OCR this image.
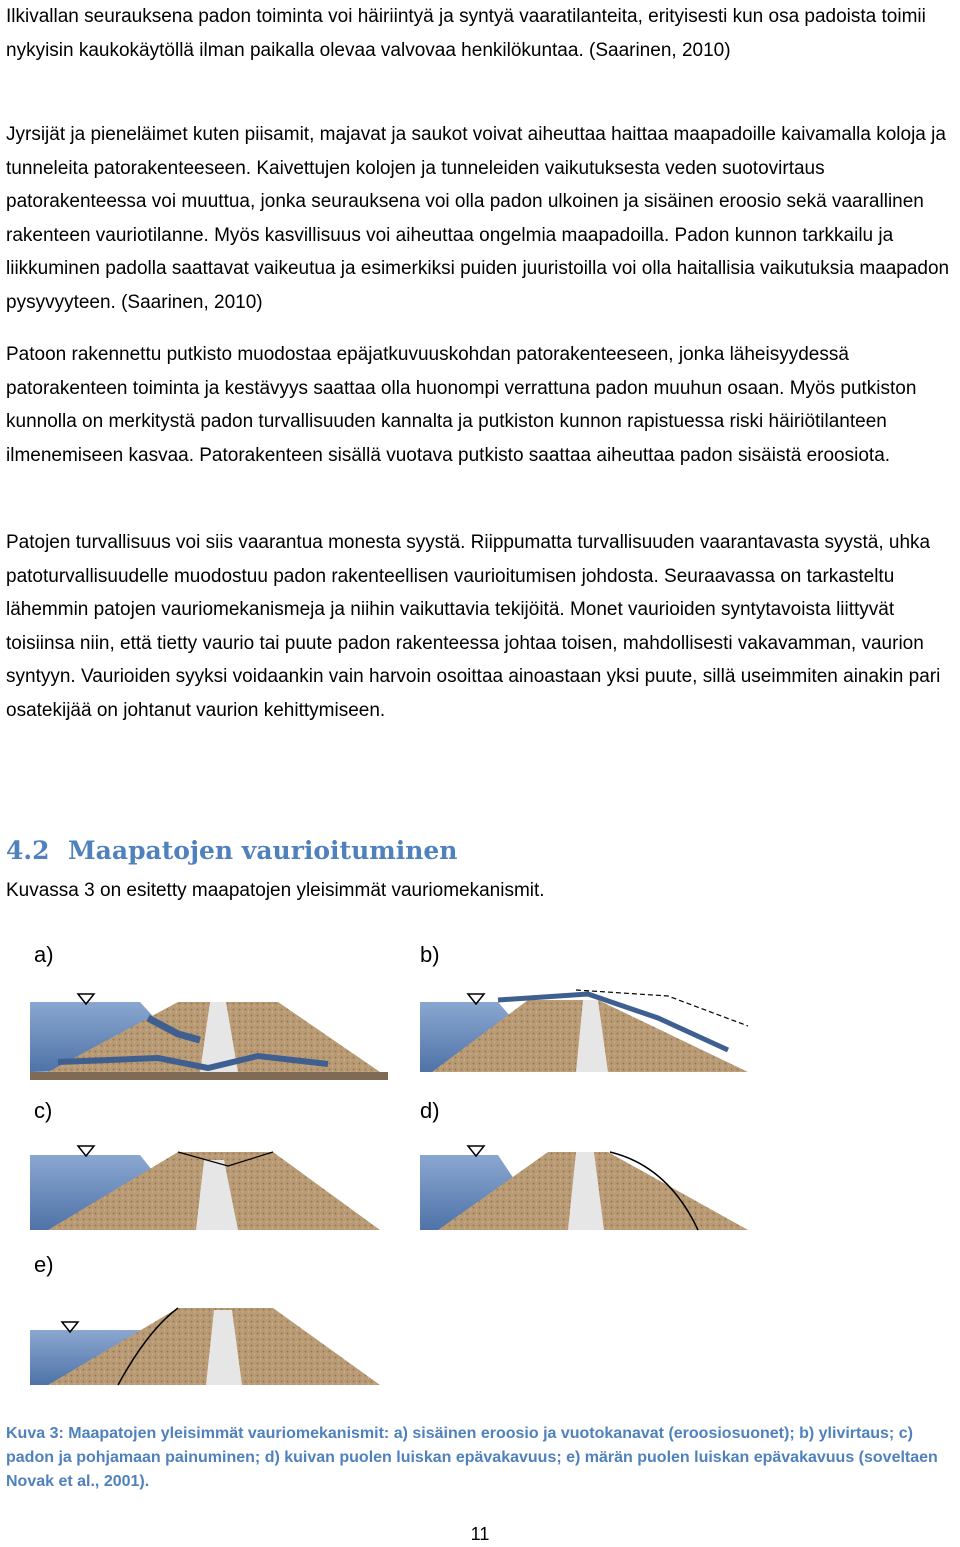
Ilkivallan seurauksena padon toiminta voi häiriintyä ja syntyä vaaratilanteita, erityisesti kun osa padoista toimii nykyisin kaukokäytöllä ilman paikalla olevaa valvovaa henkilökuntaa. (Saarinen, 2010)

Jyrsijät ja pieneläimet kuten piisamit, majavat ja saukot voivat aiheuttaa haittaa maapadoille kaivamalla koloja ja tunneleita patorakenteeseen. Kaivettujen kolojen ja tunneleiden vaikutuksesta veden suotovirtaus patorakenteessa voi muuttua, jonka seurauksena voi olla padon ulkoinen ja sisäinen eroosio sekä vaarallinen rakenteen vauriotilanne. Myös kasvillisuus voi aiheuttaa ongelmia maapadoilla. Padon kunnon tarkkailu ja liikkuminen padolla saattavat vaikeutua ja esimerkiksi puiden juuristoilla voi olla haitallisia vaikutuksia maapadon pysyvyyteen. (Saarinen, 2010)

Patoon rakennettu putkisto muodostaa epäjatkuvuuskohdan patorakenteeseen, jonka läheisyydessä patorakenteen toiminta ja kestävyys saattaa olla huonompi verrattuna padon muuhun osaan. Myös putkiston kunnolla on merkitystä padon turvallisuuden kannalta ja putkiston kunnon rapistuessa riski häiriötilanteen ilmenemiseen kasvaa. Patorakenteen sisällä vuotava putkisto saattaa aiheuttaa padon sisäistä eroosiota.

Patojen turvallisuus voi siis vaarantua monesta syystä. Riippumatta turvallisuuden vaarantavasta syystä, uhka patoturvallisuudelle muodostuu padon rakenteellisen vaurioitumisen johdosta. Seuraavassa on tarkasteltu lähemmin patojen vauriomekanismeja ja niihin vaikuttavia tekijöitä. Monet vaurioiden syntytavoista liittyvät toisiinsa niin, että tietty vaurio tai puute padon rakenteessa johtaa toisen, mahdollisesti vakavamman, vaurion syntyyn. Vaurioiden syyksi voidaankin vain harvoin osoittaa ainoastaan yksi puute, sillä useimmiten ainakin pari osatekijää on johtanut vaurion kehittymiseen.

4.2 Maapatojen vaurioituminen

Kuvassa 3 on esitetty maapatojen yleisimmät vauriomekanismit.

a)	b)
c)	d)
e)

Kuva 3: Maapatojen yleisimmät vauriomekanismit: a) sisäinen eroosio ja vuotokanavat (eroosiosuonet); b) ylivirtaus; c) padon ja pohjamaan painuminen; d) kuivan puolen luiskan epävakavuus; e) märän puolen luiskan epävakavuus (soveltaen Novak et al., 2001).

11
